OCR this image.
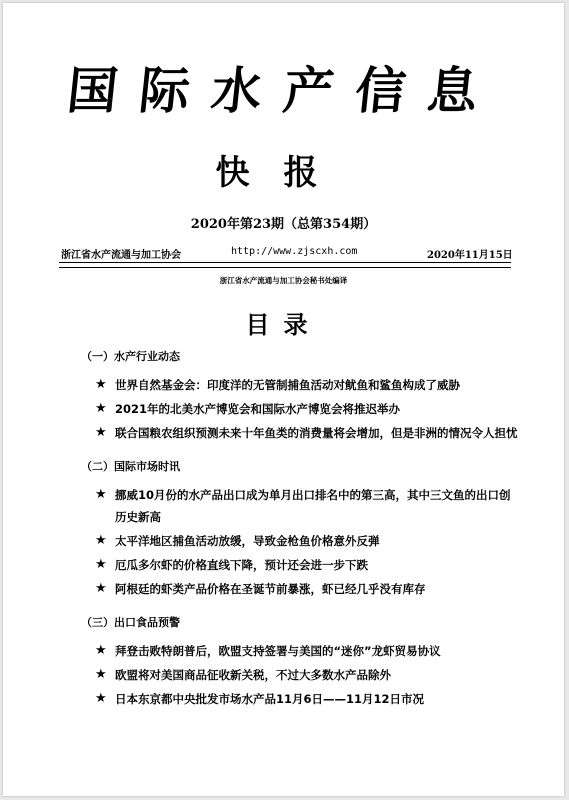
国际水产信息
快报
2020年第23期（总第354期）
浙江省水产流通与加工协会	http://www.zjscxh.com	2020年11月15日
浙江省水产流通与加工协会秘书处编译
目录
（一）水产行业动态
★ 世界自然基金会：印度洋的无管制捕鱼活动对鱿鱼和鲨鱼构成了威胁
★ 2021年的北美水产博览会和国际水产博览会将推迟举办
★ 联合国粮农组织预测未来十年鱼类的消费量将会增加，但是非洲的情况令人担忧
（二）国际市场时讯
★ 挪威10月份的水产品出口成为单月出口排名中的第三高，其中三文鱼的出口创历史新高
★ 太平洋地区捕鱼活动放缓，导致金枪鱼价格意外反弹
★ 厄瓜多尔虾的价格直线下降，预计还会进一步下跌
★ 阿根廷的虾类产品价格在圣诞节前暴涨，虾已经几乎没有库存
（三）出口食品预警
★ 拜登击败特朗普后，欧盟支持签署与美国的“迷你”龙虾贸易协议
★ 欧盟将对美国商品征收新关税，不过大多数水产品除外
★ 日本东京都中央批发市场水产品11月6日——11月12日市况
